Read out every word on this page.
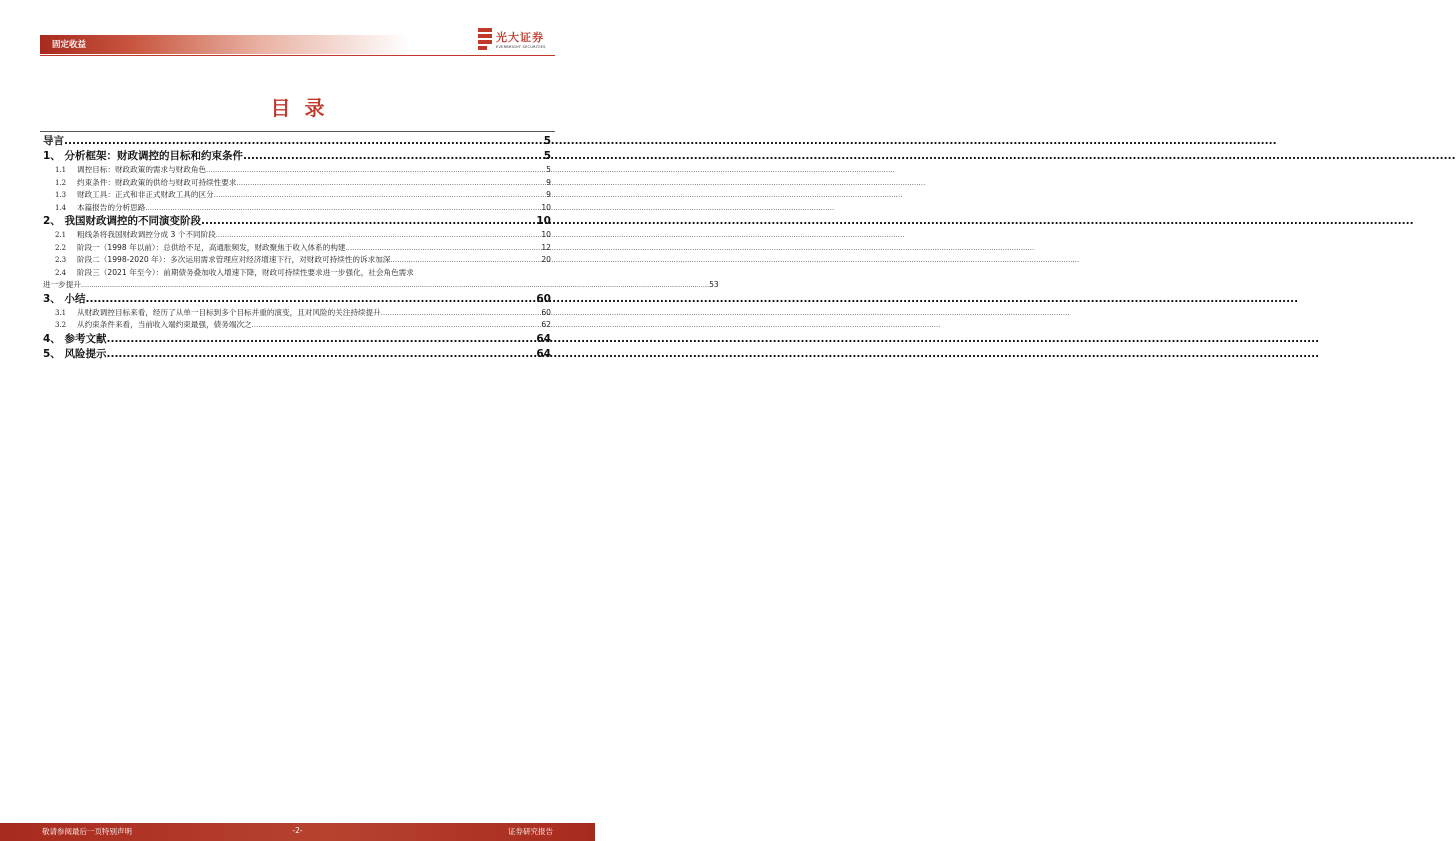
固定收益
光大证券
EVERBRIGHT SECURITIES
目录
导言 .....	5
1、 分析框架：财政调控的目标和约束条件 .....	5
1.1 调控目标：财政政策的需求与财政角色 .....	5
1.2 约束条件：财政政策的供给与财政可持续性要求 .....	9
1.3 财政工具：正式和非正式财政工具的区分 .....	9
1.4 本篇报告的分析思路 .....	10
2、 我国财政调控的不同演变阶段 .....	10
2.1 粗线条将我国财政调控分成 3 个不同阶段 .....	10
2.2 阶段一（1998 年以前）：总供给不足，高通胀频发，财政聚焦于收入体系的构建 .....	12
2.3 阶段二（1998-2020 年）：多次运用需求管理应对经济增速下行，对财政可持续性的诉求加深 .....	20
2.4 阶段三（2021 年至今）：前期债务叠加收入增速下降，财政可持续性要求进一步强化，社会角色需求
进一步提升 .....	53
3、 小结 .....	60
3.1 从财政调控目标来看，经历了从单一目标到多个目标并重的演变，且对风险的关注持续提升 .....	60
3.2 从约束条件来看，当前收入端约束最强，债务端次之 .....	62
4、 参考文献 .....	64
5、 风险提示 .....	64
敬请参阅最后一页特别声明	-2-	证券研究报告
